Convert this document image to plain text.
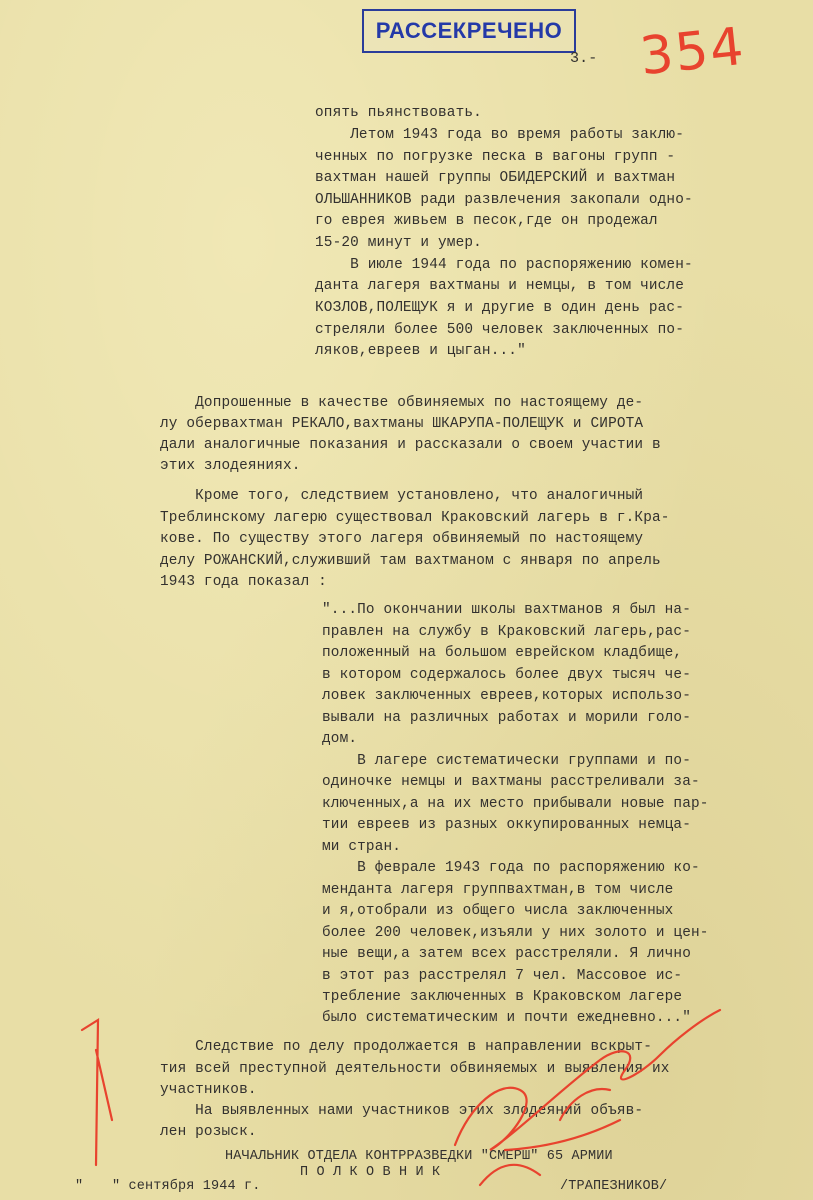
РАССЕКРЕЧЕНО 354
3.-
опять пьянствовать.
Летом 1943 года во время работы заклю-
ченных по погрузке песка в вагоны групп -
вахтман нашей группы ОБИДЕРСКИЙ и вахтман
ОЛЬШАННИКОВ ради развлечения закопали одно-
го еврея живьем в песок,где он продежал
15-20 минут и умер.
В июле 1944 года по распоряжению комен-
данта лагеря вахтманы и немцы, в том числе
КОЗЛОВ,ПОЛЕЩУК я и другие в один день рас-
стреляли более 500 человек заключенных по-
ляков,евреев и цыган..."
Допрошенные в качестве обвиняемых по настоящему де-
лу обервахтман РЕКАЛО,вахтманы ШКАРУПА-ПОЛЕЩУК и СИРОТА
дали аналогичные показания и рассказали о своем участии в
этих злодеяниях.
Кроме того, следствием установлено, что аналогичный
Треблинскому лагерю существовал Краковский лагерь в г.Кра-
кове. По существу этого лагеря обвиняемый по настоящему
делу РОЖАНСКИЙ,служивший там вахтманом с января по апрель
1943 года показал :
"...По окончании школы вахтманов я был на-
правлен на службу в Краковский лагерь,рас-
положенный на большом еврейском кладбище,
в котором содержалось более двух тысяч че-
ловек заключенных евреев,которых использо-
вывали на различных работах и морили голо-
дом.
В лагере систематически группами и по-
одиночке немцы и вахтманы расстреливали за-
ключенных,а на их место прибывали новые пар-
тии евреев из разных оккупированных немца-
ми стран.
В феврале 1943 года по распоряжению ко-
менданта лагеря группвахтман,в том числе
и я,отобрали из общего числа заключенных
более 200 человек,изъяли у них золото и цен-
ные вещи,а затем всех расстреляли. Я лично
в этот раз расстрелял 7 чел. Массовое ис-
требление заключенных в Краковском лагере
было систематическим и почти ежедневно..."
Следствие по делу продолжается в направлении вскрыт-
тия всей преступной деятельности обвиняемых и выявления их
участников.
На выявленных нами участников этих злодеяний объяв-
лен розыск.
НАЧАЛЬНИК ОТДЕЛА КОНТРРАЗВЕДКИ "СМЕРШ" 65 АРМИИ
П О Л К О В Н И К
/ТРАПЕЗНИКОВ/
" " сентября 1944 г.
